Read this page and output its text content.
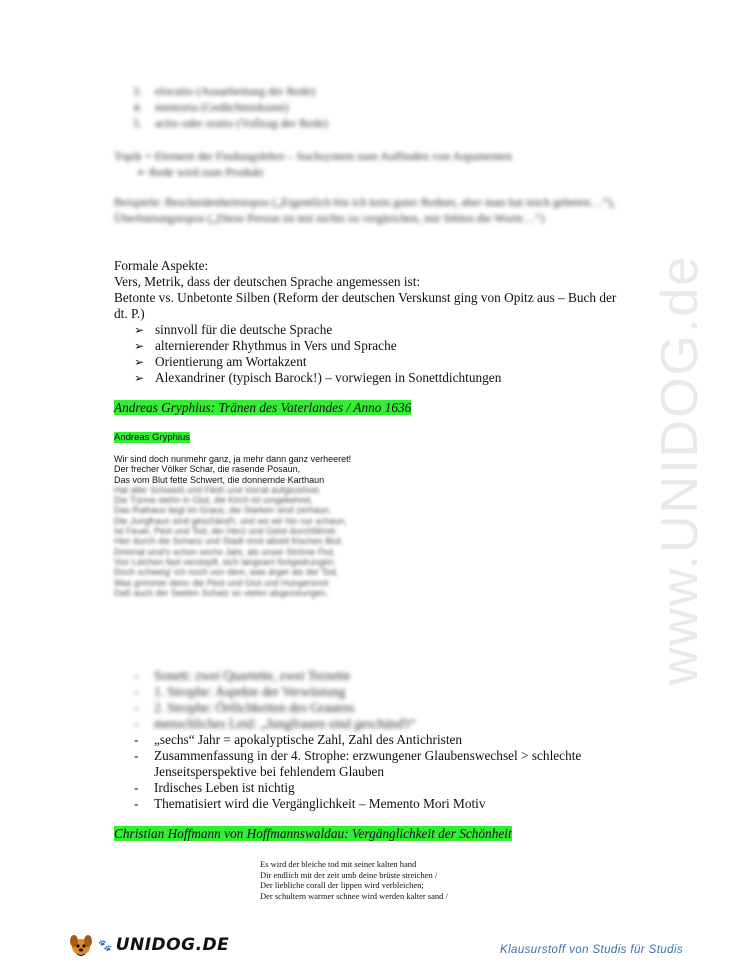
www.UNIDOG.de
3.	elocutio (Ausarbeitung der Rede)
4.	memoria (Gedächtniskunst)
5.	actio oder oratio (Vollzug der Rede)
Topik = Element der Findungslehre – Suchsystem zum Auffinden von Argumenten
➢ Rede wird zum Produkt
Beispiele: Bescheidenheitstopos („Eigentlich bin ich kein guter Redner, aber man hat mich gebeten…“), Überbietungstopos („Diese Person ist mit nichts zu vergleichen, mir fehlen die Worte…“)
Formale Aspekte:
Vers, Metrik, dass der deutschen Sprache angemessen ist:
Betonte vs. Unbetonte Silben (Reform der deutschen Verskunst ging von Opitz aus – Buch der dt. P.)
➢ sinnvoll für die deutsche Sprache
➢ alternierender Rhythmus in Vers und Sprache
➢ Orientierung am Wortakzent
➢ Alexandriner (typisch Barock!) – vorwiegen in Sonettdichtungen
Andreas Gryphius: Tränen des Vaterlandes / Anno 1636
Andreas Gryphius
Wir sind doch nunmehr ganz, ja mehr dann ganz verheeret!
Der frecher Völker Schar, die rasende Posaun,
Das vom Blut fette Schwert, die donnernde Karthaun
Hat aller Schweiß und Fleiß und Vorrat aufgezehret.
Die Türme stehn in Glut, die Kirch ist umgekehret,
Das Rathaus liegt im Graus, die Starken sind zerhaun,
Die Jungfraun sind geschänd't, und wo wir hin nur schaun,
Ist Feuer, Pest und Tod, der Herz und Geist durchfähret.
Hier durch die Schanz und Stadt rinnt allzeit frisches Blut.
Dreimal sind's schon sechs Jahr, als unser Ströme Flut,
Von Leichen fast verstopft, sich langsam fortgedrungen.
Doch schweig' ich noch von dem, was ärger als der Tod,
Was grimmer denn die Pest und Glut und Hungersnot:
Daß auch der Seelen Schatz so vielen abgezwungen.
-	Sonett: zwei Quartette, zwei Terzette
-	1. Strophe: Aspekte der Verwüstung
-	2. Strophe: Örtlichkeiten des Grauens
-	menschliches Leid: „Jungfrauen sind geschänd't“
-	„sechs“ Jahr = apokalyptische Zahl, Zahl des Antichristen
-	Zusammenfassung in der 4. Strophe: erzwungener Glaubenswechsel > schlechte Jenseitsperspektive bei fehlendem Glauben
-	Irdisches Leben ist nichtig
-	Thematisiert wird die Vergänglichkeit – Memento Mori Motiv
Christian Hoffmann von Hoffmannswaldau: Vergänglichkeit der Schönheit
Es wird der bleiche tod mit seiner kalten hand
Dir endlich mit der zeit umb deine brüste streichen /
Der liebliche corall der lippen wird verbleichen;
Der schultern warmer schnee wird werden kalter sand /
🐾 UNIDOG.DE	Klausurstoff von Studis für Studis
